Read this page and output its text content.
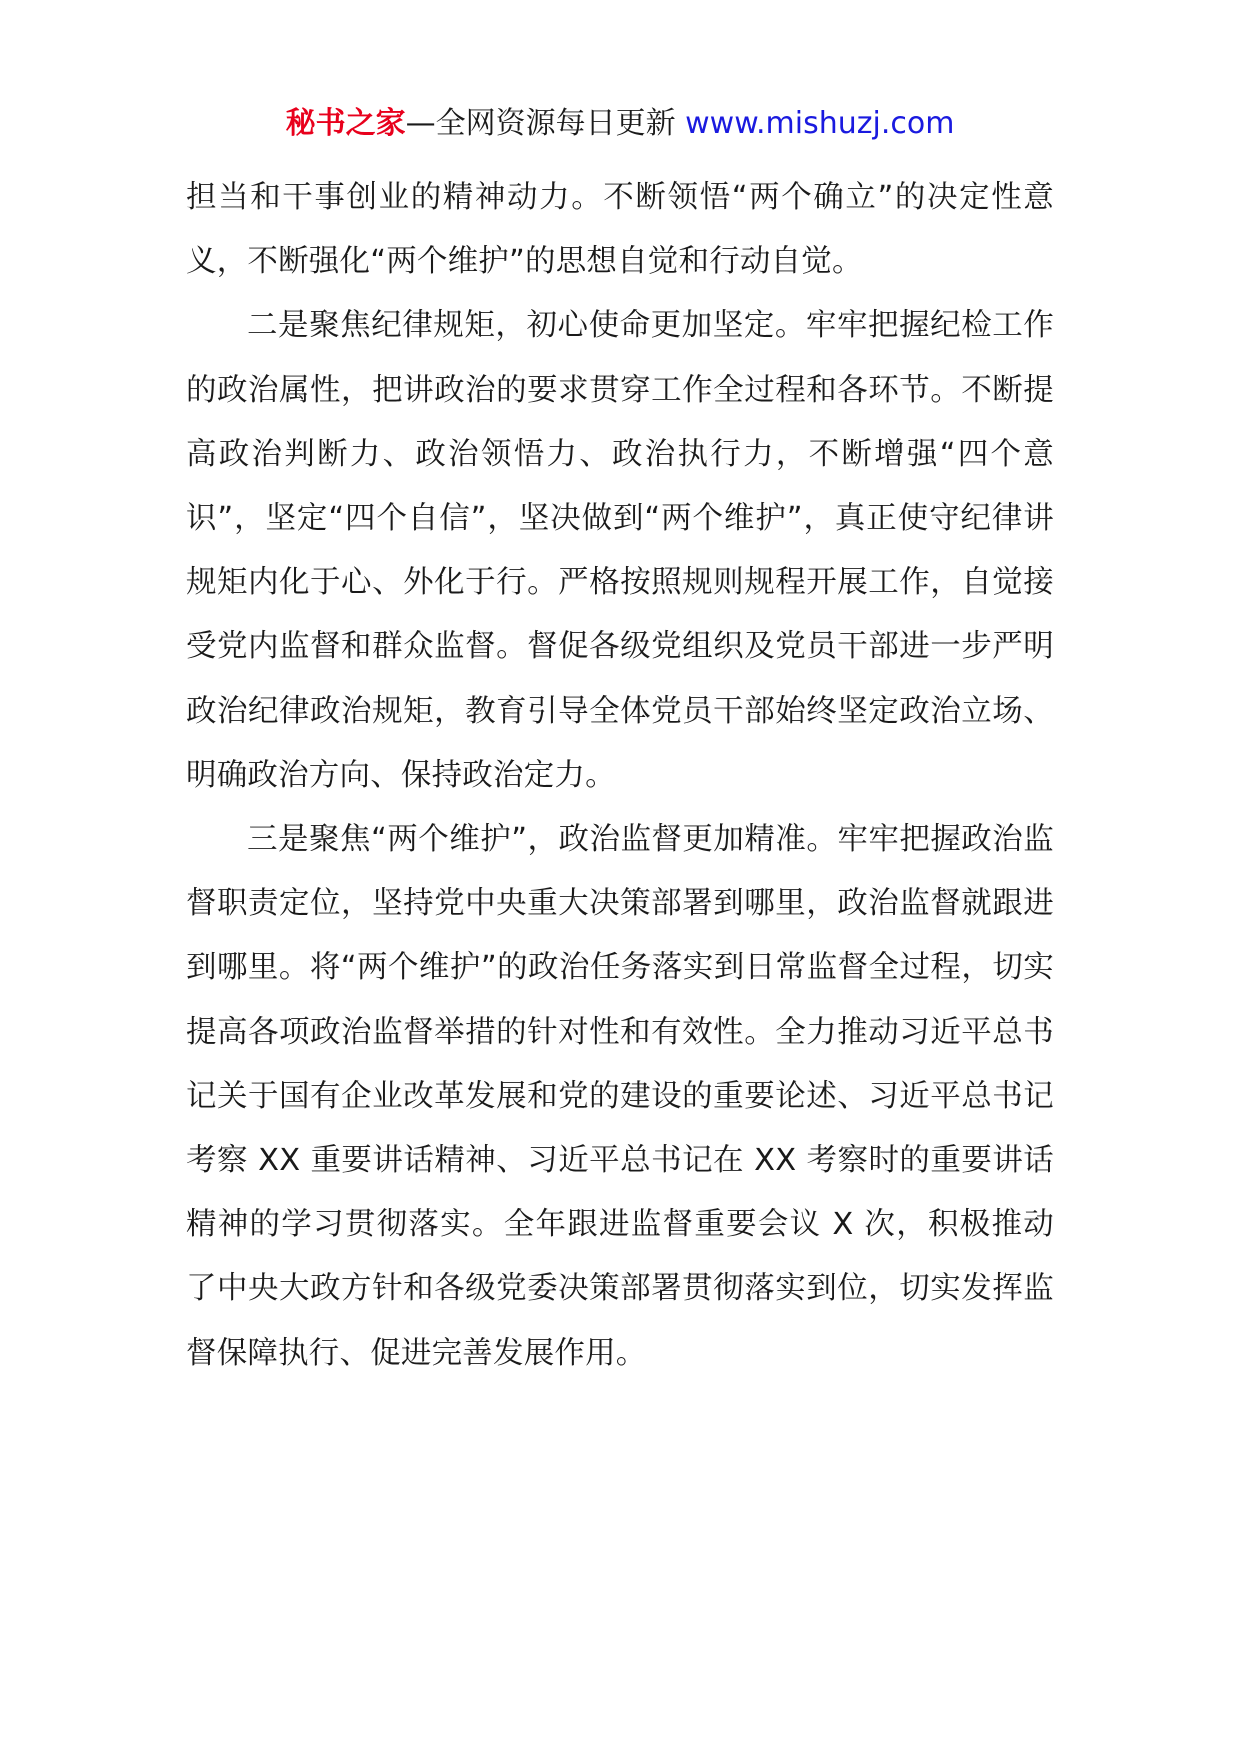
秘书之家—全网资源每日更新 www.mishuzj.com

担当和干事创业的精神动力。不断领悟“两个确立”的决定性意义，不断强化“两个维护”的思想自觉和行动自觉。

二是聚焦纪律规矩，初心使命更加坚定。牢牢把握纪检工作的政治属性，把讲政治的要求贯穿工作全过程和各环节。不断提高政治判断力、政治领悟力、政治执行力，不断增强“四个意识”，坚定“四个自信”，坚决做到“两个维护”，真正使守纪律讲规矩内化于心、外化于行。严格按照规则规程开展工作，自觉接受党内监督和群众监督。督促各级党组织及党员干部进一步严明政治纪律政治规矩，教育引导全体党员干部始终坚定政治立场、明确政治方向、保持政治定力。

三是聚焦“两个维护”，政治监督更加精准。牢牢把握政治监督职责定位，坚持党中央重大决策部署到哪里，政治监督就跟进到哪里。将“两个维护”的政治任务落实到日常监督全过程，切实提高各项政治监督举措的针对性和有效性。全力推动习近平总书记关于国有企业改革发展和党的建设的重要论述、习近平总书记考察 XX 重要讲话精神、习近平总书记在 XX 考察时的重要讲话精神的学习贯彻落实。全年跟进监督重要会议 X 次，积极推动了中央大政方针和各级党委决策部署贯彻落实到位，切实发挥监督保障执行、促进完善发展作用。
